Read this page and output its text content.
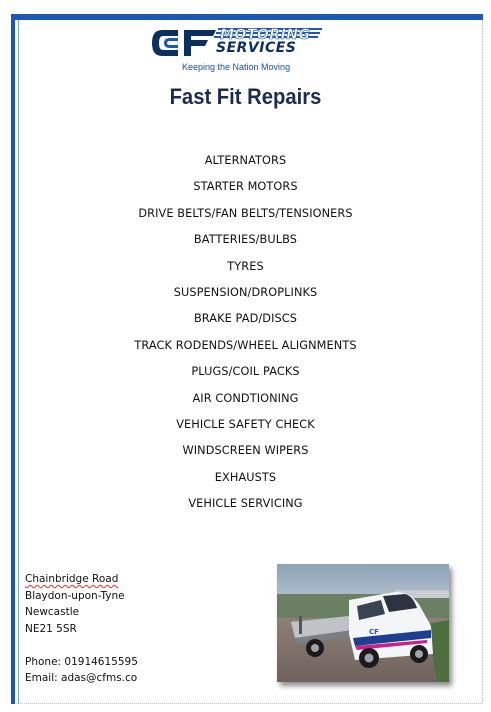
MOTORING
SERVICES
Keeping the Nation Moving
Fast Fit Repairs
ALTERNATORS
STARTER MOTORS
DRIVE BELTS/FAN BELTS/TENSIONERS
BATTERIES/BULBS
TYRES
SUSPENSION/DROPLINKS
BRAKE PAD/DISCS
TRACK RODENDS/WHEEL ALIGNMENTS
PLUGS/COIL PACKS
AIR CONDTIONING
VEHICLE SAFETY CHECK
WINDSCREEN WIPERS
EXHAUSTS
VEHICLE SERVICING
Chainbridge Road
Blaydon-upon-Tyne
Newcastle
NE21 5SR
Phone: 01914615595
Email: adas@cfms.co
CF
